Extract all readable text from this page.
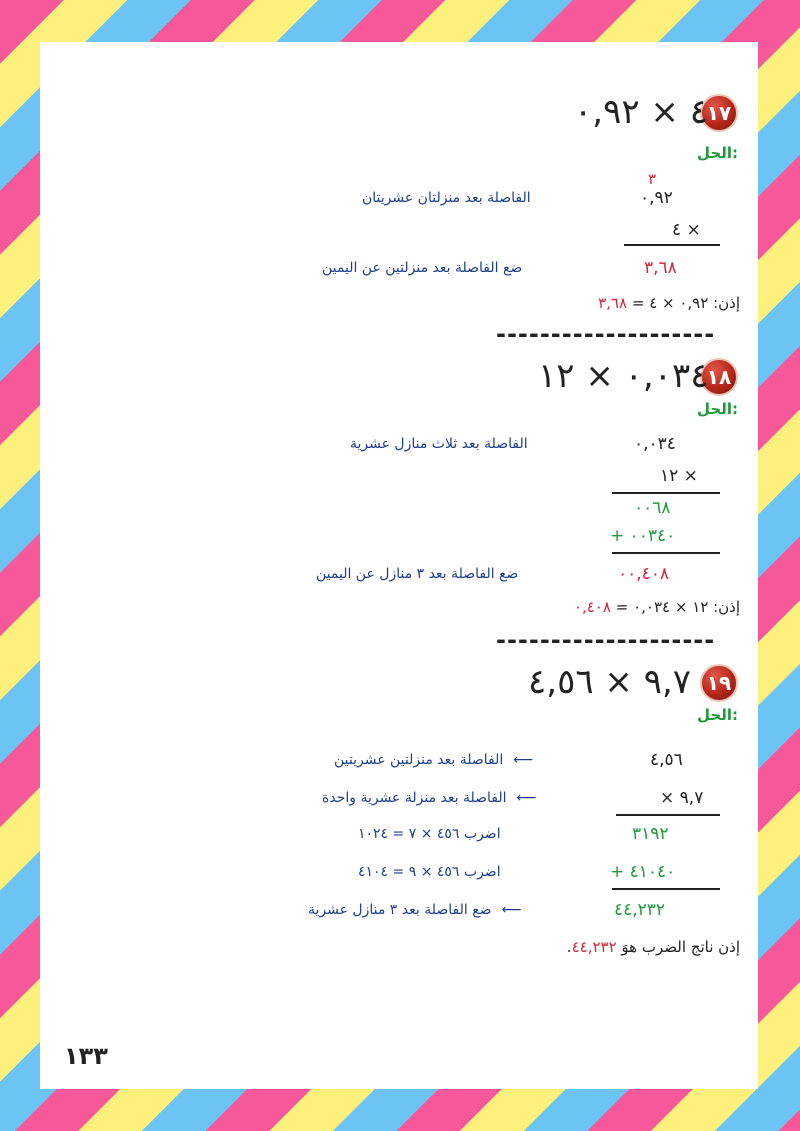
١٧
٤ × ٠,٩٢
الحل:
٣
٠,٩٢
الفاصلة بعد منزلتان عشريتان
٤ ×
٣,٦٨
ضع الفاصلة بعد منزلتين عن اليمين
إذن: ٠,٩٢ × ٤ = ٣,٦٨
--------------------
١٨
٠,٠٣٤ × ١٢
الحل:
٠,٠٣٤
الفاصلة بعد ثلاث منازل عشرية
١٢ ×
٠٠٦٨
+ ٠٠٣٤٠
٠٠,٤٠٨
ضع الفاصلة بعد ٣ منازل عن اليمين
إذن: ١٢ × ٠,٠٣٤ = ٠,٤٠٨
--------------------
١٩
٩,٧ × ٤,٥٦
الحل:
٤,٥٦
⟵الفاصلة بعد منزلتين عشريتين
× ٩,٧
⟵الفاصلة بعد منزلة عشرية واحدة
٣١٩٢
اضرب ٤٥٦ × ٧ = ١٠٢٤
+ ٤١٠٤٠
اضرب ٤٥٦ × ٩ = ٤١٠٤
٤٤,٢٣٢
⟵ضع الفاصلة بعد ٣ منازل عشرية
إذن ناتج الضرب هوَ ٤٤,٢٣٢.
١٣٣
